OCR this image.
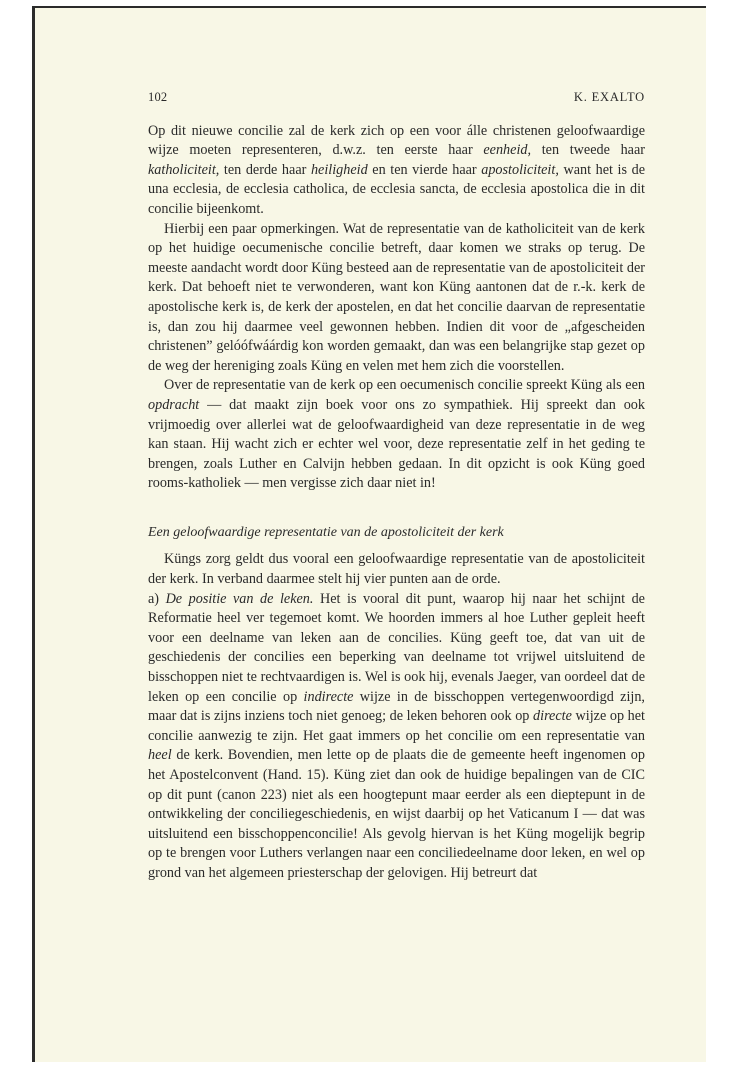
102	K. EXALTO

Op dit nieuwe concilie zal de kerk zich op een voor álle christenen geloofwaardige wijze moeten representeren, d.w.z. ten eerste haar eenheid, ten tweede haar katholiciteit, ten derde haar heiligheid en ten vierde haar apostoliciteit, want het is de una ecclesia, de ecclesia catholica, de ecclesia sancta, de ecclesia apostolica die in dit concilie bijeenkomt.

Hierbij een paar opmerkingen. Wat de representatie van de katholiciteit van de kerk op het huidige oecumenische concilie betreft, daar komen we straks op terug. De meeste aandacht wordt door Küng besteed aan de representatie van de apostoliciteit der kerk. Dat behoeft niet te verwonderen, want kon Küng aantonen dat de r.-k. kerk de apostolische kerk is, de kerk der apostelen, en dat het concilie daarvan de representatie is, dan zou hij daarmee veel gewonnen hebben. Indien dit voor de „afgescheiden christenen” gelóófwáárdig kon worden gemaakt, dan was een belangrijke stap gezet op de weg der hereniging zoals Küng en velen met hem zich die voorstellen.

Over de representatie van de kerk op een oecumenisch concilie spreekt Küng als een opdracht — dat maakt zijn boek voor ons zo sympathiek. Hij spreekt dan ook vrijmoedig over allerlei wat de geloofwaardigheid van deze representatie in de weg kan staan. Hij wacht zich er echter wel voor, deze representatie zelf in het geding te brengen, zoals Luther en Calvijn hebben gedaan. In dit opzicht is ook Küng goed rooms-katholiek — men vergisse zich daar niet in!

Een geloofwaardige representatie van de apostoliciteit der kerk

Küngs zorg geldt dus vooral een geloofwaardige representatie van de apostoliciteit der kerk. In verband daarmee stelt hij vier punten aan de orde.

a) De positie van de leken. Het is vooral dit punt, waarop hij naar het schijnt de Reformatie heel ver tegemoet komt. We hoorden immers al hoe Luther gepleit heeft voor een deelname van leken aan de concilies. Küng geeft toe, dat van uit de geschiedenis der concilies een beperking van deelname tot vrijwel uitsluitend de bisschoppen niet te rechtvaardigen is. Wel is ook hij, evenals Jaeger, van oordeel dat de leken op een concilie op indirecte wijze in de bisschoppen vertegenwoordigd zijn, maar dat is zijns inziens toch niet genoeg; de leken behoren ook op directe wijze op het concilie aanwezig te zijn. Het gaat immers op het concilie om een representatie van heel de kerk. Bovendien, men lette op de plaats die de gemeente heeft ingenomen op het Apostelconvent (Hand. 15). Küng ziet dan ook de huidige bepalingen van de CIC op dit punt (canon 223) niet als een hoogtepunt maar eerder als een dieptepunt in de ontwikkeling der conciliegeschiedenis, en wijst daarbij op het Vaticanum I — dat was uitsluitend een bisschoppenconcilie! Als gevolg hiervan is het Küng mogelijk begrip op te brengen voor Luthers verlangen naar een conciliedeelname door leken, en wel op grond van het algemeen priesterschap der gelovigen. Hij betreurt dat
